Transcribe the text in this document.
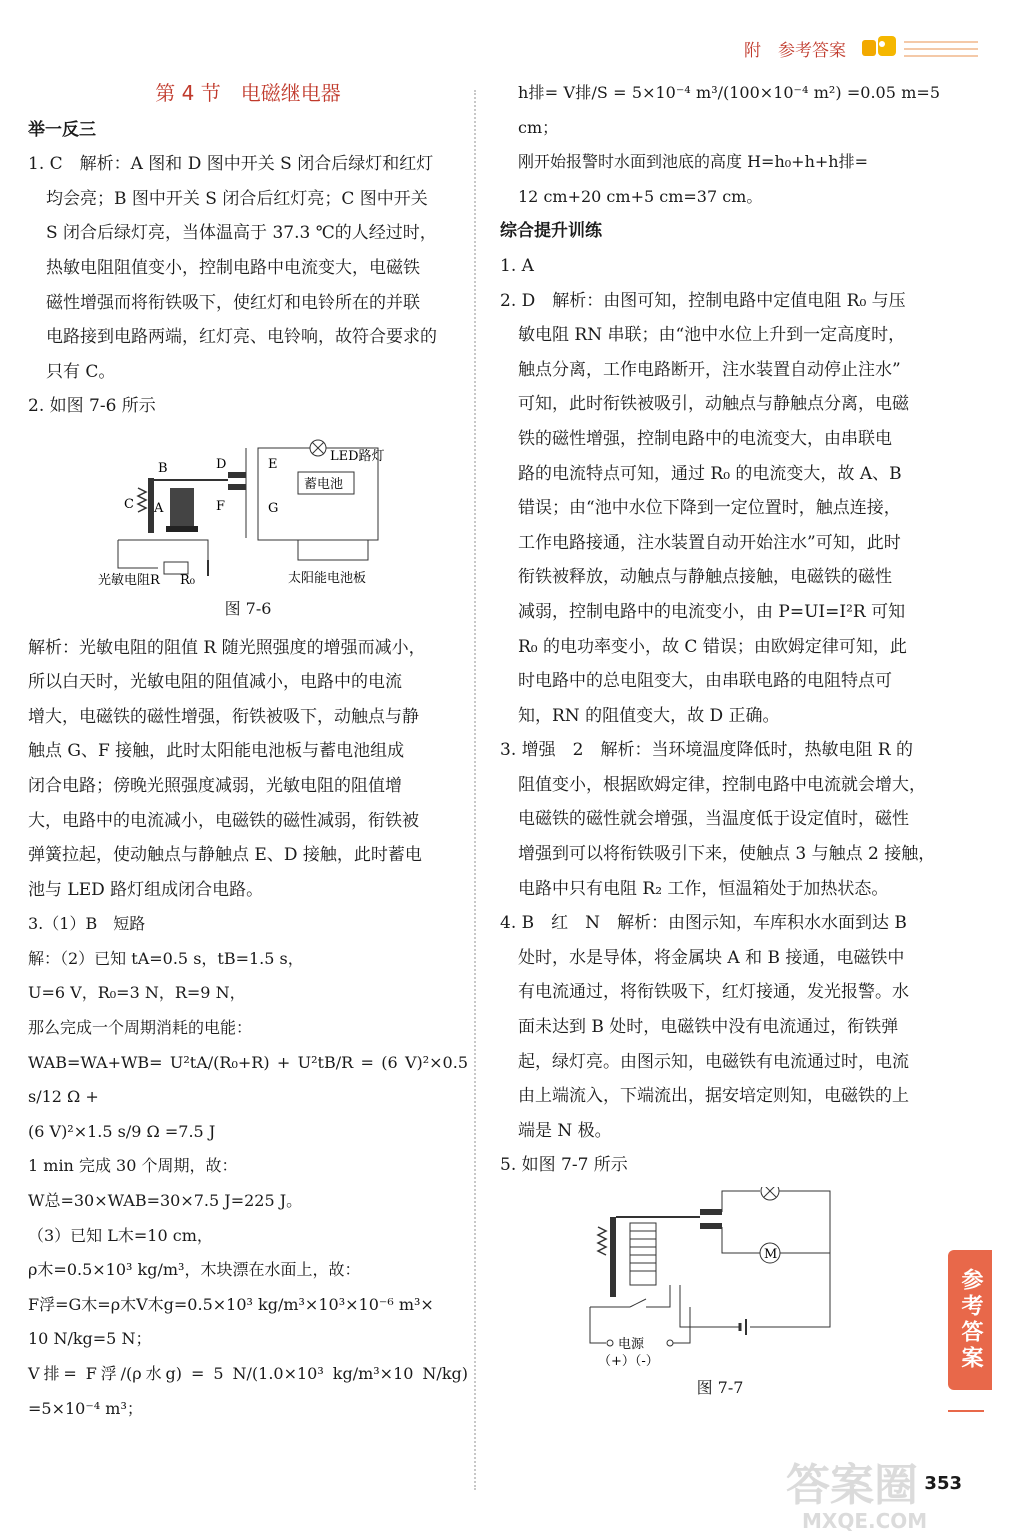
附　参考答案
第 4 节　电磁继电器
举一反三

1. C　解析：A 图和 D 图中开关 S 闭合后绿灯和红灯

均会亮；B 图中开关 S 闭合后红灯亮；C 图中开关

S 闭合后绿灯亮，当体温高于 37.3 ℃的人经过时，

热敏电阻阻值变小，控制电路中电流变大，电磁铁

磁性增强而将衔铁吸下，使红灯和电铃所在的并联

电路接到电路两端，红灯亮、电铃响，故符合要求的

只有 C。

2. 如图 7-6 所示

B
C A
D	E
F	G
LED路灯
蓄电池
太阳能电池板
光敏电阻R R₀
图 7-6

解析：光敏电阻的阻值 R 随光照强度的增强而减小，

所以白天时，光敏电阻的阻值减小，电路中的电流

增大，电磁铁的磁性增强，衔铁被吸下，动触点与静

触点 G、F 接触，此时太阳能电池板与蓄电池组成

闭合电路；傍晚光照强度减弱，光敏电阻的阻值增

大，电路中的电流减小，电磁铁的磁性减弱，衔铁被

弹簧拉起，使动触点与静触点 E、D 接触，此时蓄电

池与 LED 路灯组成闭合电路。

3.（1）B　短路

解：（2）已知 tA=0.5 s，tB=1.5 s，

U=6 V，R₀=3 N，R=9 N，

那么完成一个周期消耗的电能：

WAB=WA+WB= U²tA/(R₀+R) + U²tB/R = (6 V)²×0.5 s/12 Ω +

(6 V)²×1.5 s/9 Ω =7.5 J

1 min 完成 30 个周期，故：

W总=30×WAB=30×7.5 J=225 J。

（3）已知 L木=10 cm，

ρ木=0.5×10³ kg/m³，木块漂在水面上，故：

F浮=G木=ρ木V木g=0.5×10³ kg/m³×10³×10⁻⁶ m³×

10 N/kg=5 N；

V排= F浮/(ρ水g) = 5 N/(1.0×10³ kg/m³×10 N/kg) =5×10⁻⁴ m³；

h排= V排/S = 5×10⁻⁴ m³/(100×10⁻⁴ m²) =0.05 m=5 cm；

刚开始报警时水面到池底的高度 H=h₀+h+h排=

12 cm+20 cm+5 cm=37 cm。

综合提升训练

1. A

2. D　解析：由图可知，控制电路中定值电阻 R₀ 与压

敏电阻 RN 串联；由“池中水位上升到一定高度时，

触点分离，工作电路断开，注水装置自动停止注水”

可知，此时衔铁被吸引，动触点与静触点分离，电磁

铁的磁性增强，控制电路中的电流变大，由串联电

路的电流特点可知，通过 R₀ 的电流变大，故 A、B

错误；由“池中水位下降到一定位置时，触点连接，

工作电路接通，注水装置自动开始注水”可知，此时

衔铁被释放，动触点与静触点接触，电磁铁的磁性

减弱，控制电路中的电流变小，由 P=UI=I²R 可知

R₀ 的电功率变小，故 C 错误；由欧姆定律可知，此

时电路中的总电阻变大，由串联电路的电阻特点可

知，RN 的阻值变大，故 D 正确。

3. 增强　2　解析：当环境温度降低时，热敏电阻 R 的

阻值变小，根据欧姆定律，控制电路中电流就会增大，

电磁铁的磁性就会增强，当温度低于设定值时，磁性

增强到可以将衔铁吸引下来，使触点 3 与触点 2 接触，

电路中只有电阻 R₂ 工作，恒温箱处于加热状态。

4. B　红　N　解析：由图示知，车库积水水面到达 B

处时，水是导体，将金属块 A 和 B 接通，电磁铁中

有电流通过，将衔铁吸下，红灯接通，发光报警。水

面未达到 B 处时，电磁铁中没有电流通过，衔铁弹

起，绿灯亮。由图示知，电磁铁有电流通过时，电流

由上端流入，下端流出，据安培定则知，电磁铁的上

端是 N 极。

5. 如图 7-7 所示

M
电源
（+）（-）
图 7-7
参考答案
答案圈
MXQE.COM
353
